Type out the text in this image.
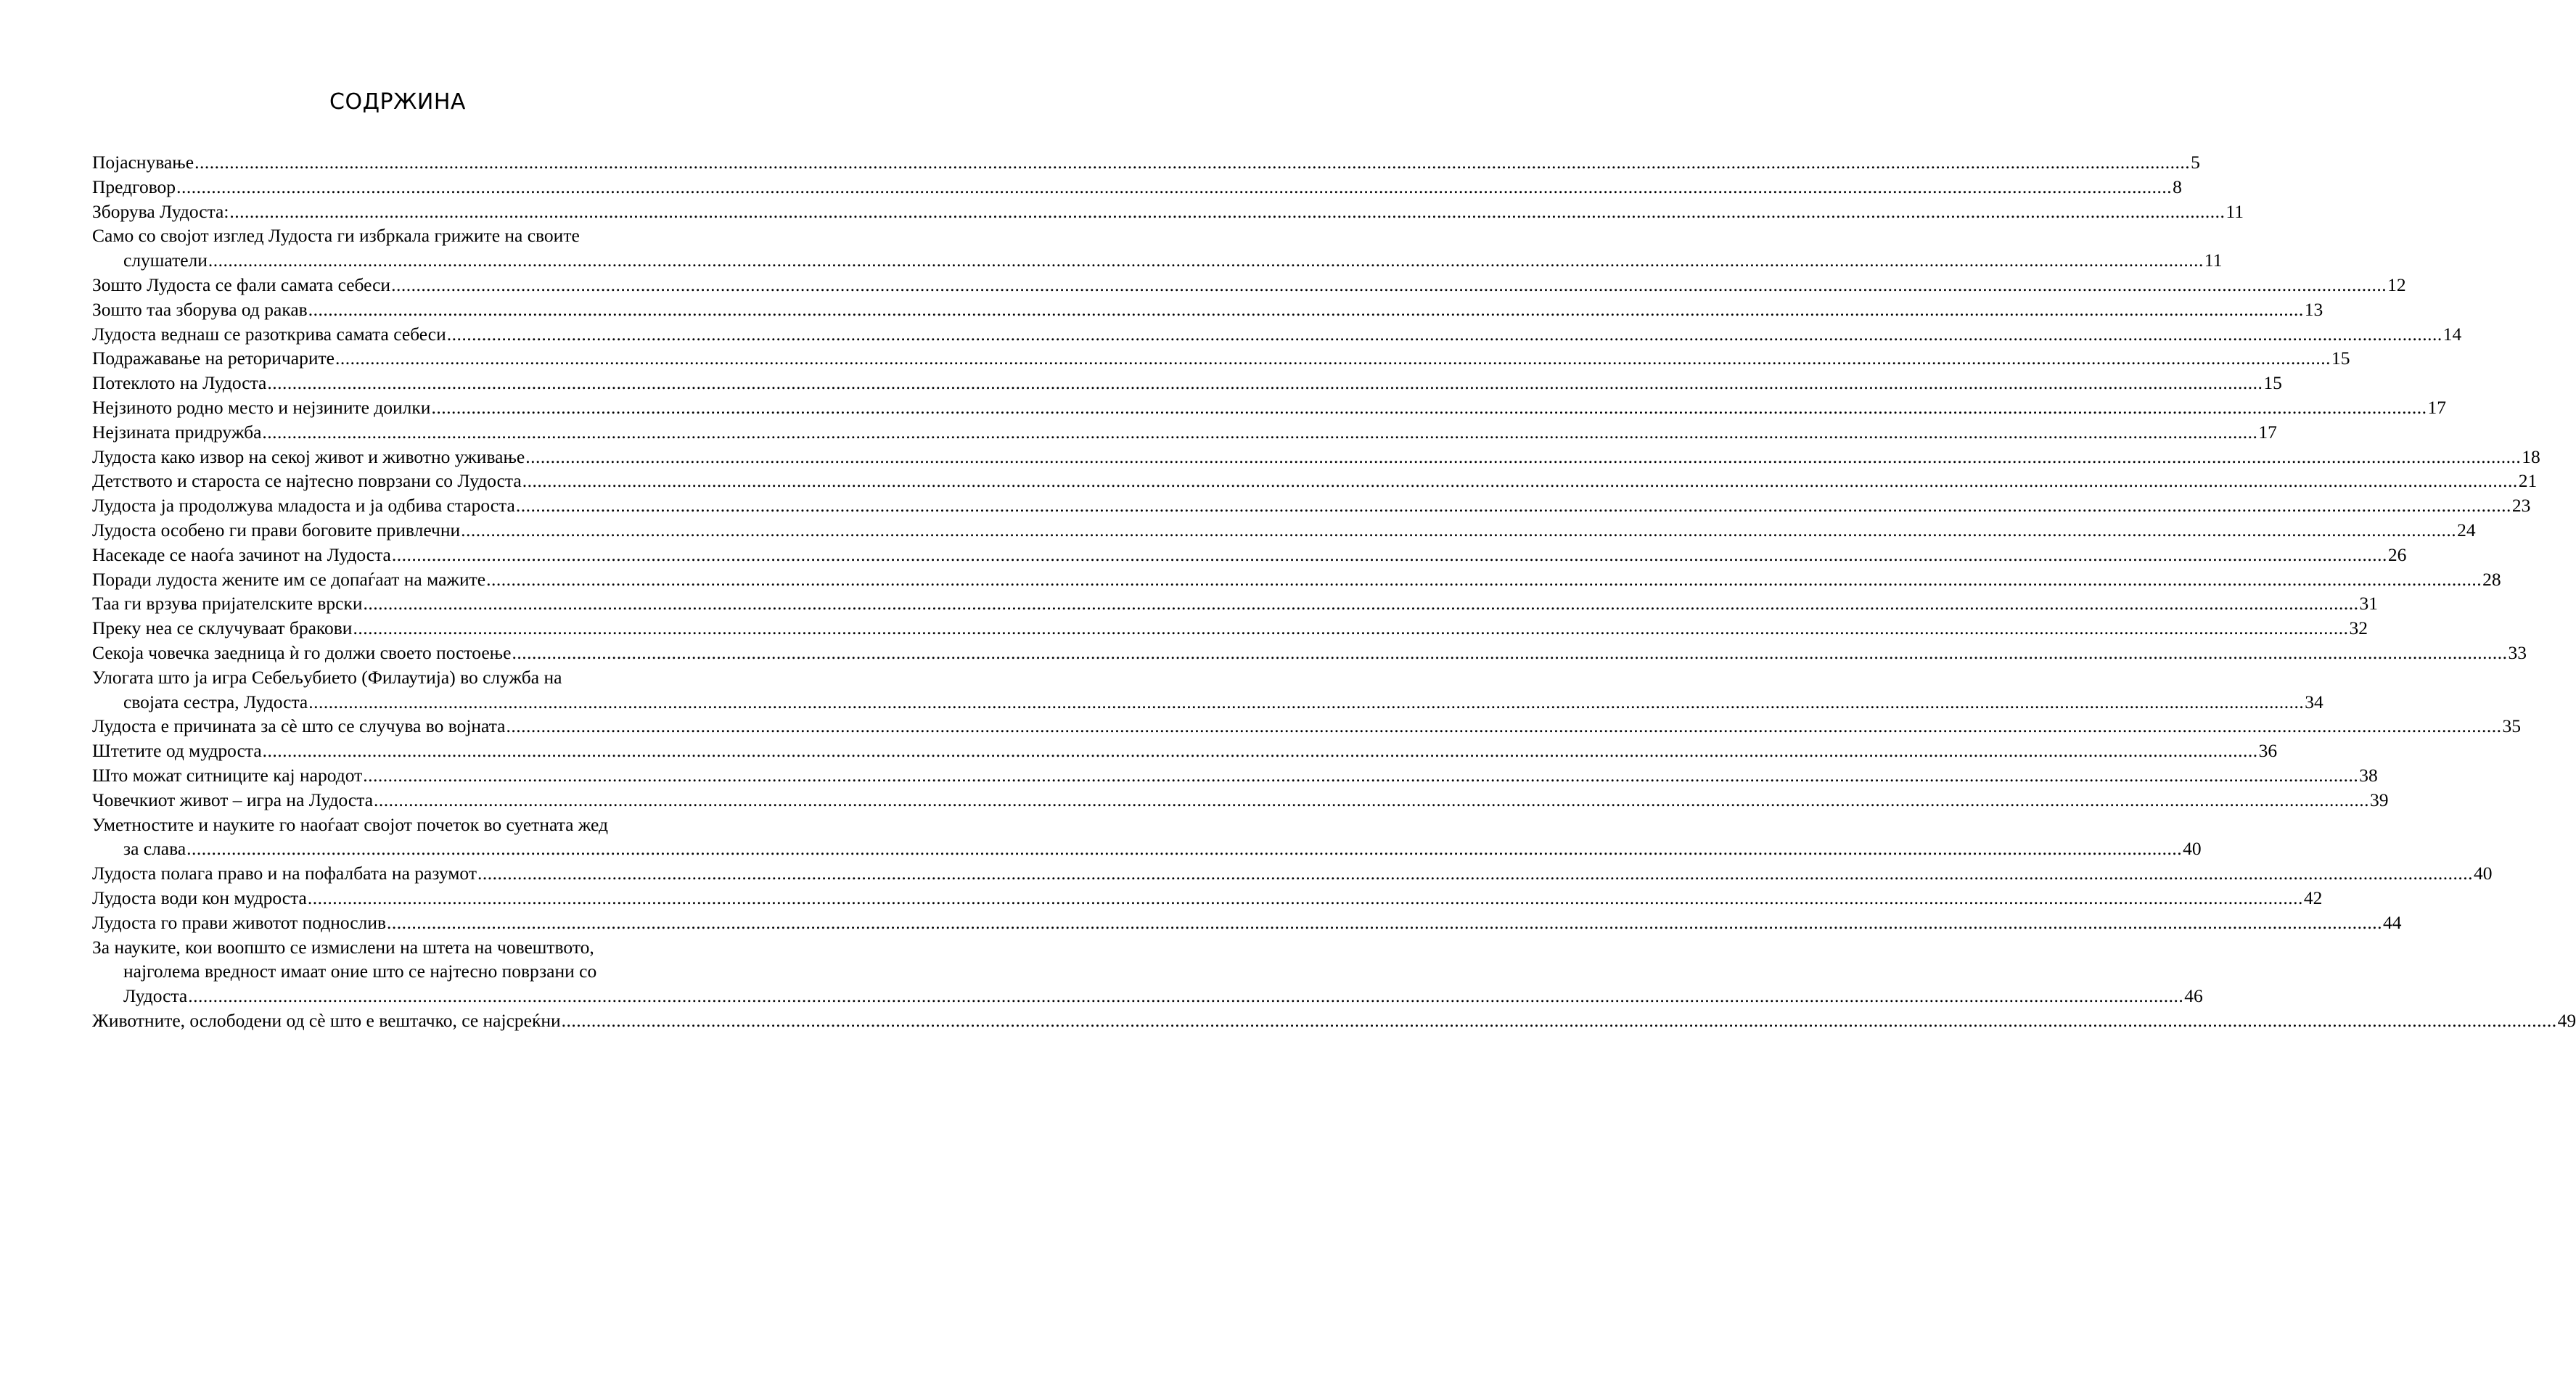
СОДРЖИНА
Појаснување ................................................................................................................................................................................................................................................................................................................................................................................................................ 5
Предговор ................................................................................................................................................................................................................................................................................................................................................................................................................ 8
Зборува Лудоста: ................................................................................................................................................................................................................................................................................................................................................................................................................ 11
Само со својот изглед Лудоста ги избркала грижите на своите
слушатели ................................................................................................................................................................................................................................................................................................................................................................................................................ 11
Зошто Лудоста се фали самата себеси ................................................................................................................................................................................................................................................................................................................................................................................................................ 12
Зошто таа зборува од ракав ................................................................................................................................................................................................................................................................................................................................................................................................................ 13
Лудоста веднаш се разоткрива самата себеси ................................................................................................................................................................................................................................................................................................................................................................................................................ 14
Подражавање на реторичарите ................................................................................................................................................................................................................................................................................................................................................................................................................ 15
Потеклото на Лудоста ................................................................................................................................................................................................................................................................................................................................................................................................................ 15
Нејзиното родно место и нејзините доилки ................................................................................................................................................................................................................................................................................................................................................................................................................ 17
Нејзината придружба ................................................................................................................................................................................................................................................................................................................................................................................................................ 17
Лудоста како извор на секој живот и животно уживање ................................................................................................................................................................................................................................................................................................................................................................................................................ 18
Детството и староста се најтесно поврзани со Лудоста ................................................................................................................................................................................................................................................................................................................................................................................................................ 21
Лудоста ја продолжува младоста и ја одбива староста ................................................................................................................................................................................................................................................................................................................................................................................................................ 23
Лудоста особено ги прави боговите привлечни ................................................................................................................................................................................................................................................................................................................................................................................................................ 24
Насекаде се наоѓа зачинот на Лудоста ................................................................................................................................................................................................................................................................................................................................................................................................................ 26
Поради лудоста жените им се допаѓаат на мажите ................................................................................................................................................................................................................................................................................................................................................................................................................ 28
Таа ги врзува пријателските врски ................................................................................................................................................................................................................................................................................................................................................................................................................ 31
Преку неа се склучуваат бракови ................................................................................................................................................................................................................................................................................................................................................................................................................ 32
Секоја човечка заедница ѝ го должи своето постоење ................................................................................................................................................................................................................................................................................................................................................................................................................ 33
Улогата што ја игра Себељубието (Филаутија) во служба на
својата сестра, Лудоста ................................................................................................................................................................................................................................................................................................................................................................................................................ 34
Лудоста е причината за сѐ што се случува во војната ................................................................................................................................................................................................................................................................................................................................................................................................................ 35
Штетите од мудроста ................................................................................................................................................................................................................................................................................................................................................................................................................ 36
Што можат ситниците кај народот ................................................................................................................................................................................................................................................................................................................................................................................................................ 38
Човечкиот живот – игра на Лудоста ................................................................................................................................................................................................................................................................................................................................................................................................................ 39
Уметностите и науките го наоѓаат својот почеток во суетната жед
за слава ................................................................................................................................................................................................................................................................................................................................................................................................................ 40
Лудоста полага право и на пофалбата на разумот ................................................................................................................................................................................................................................................................................................................................................................................................................ 40
Лудоста води кон мудроста ................................................................................................................................................................................................................................................................................................................................................................................................................ 42
Лудоста го прави животот поднослив ................................................................................................................................................................................................................................................................................................................................................................................................................ 44
За науките, кои воопшто се измислени на штета на човештвото,
најголема вредност имаат оние што се најтесно поврзани со
Лудоста ................................................................................................................................................................................................................................................................................................................................................................................................................ 46
Животните, ослободени од сѐ што е вештачко, се најсреќни ................................................................................................................................................................................................................................................................................................................................................................................................................ 49
